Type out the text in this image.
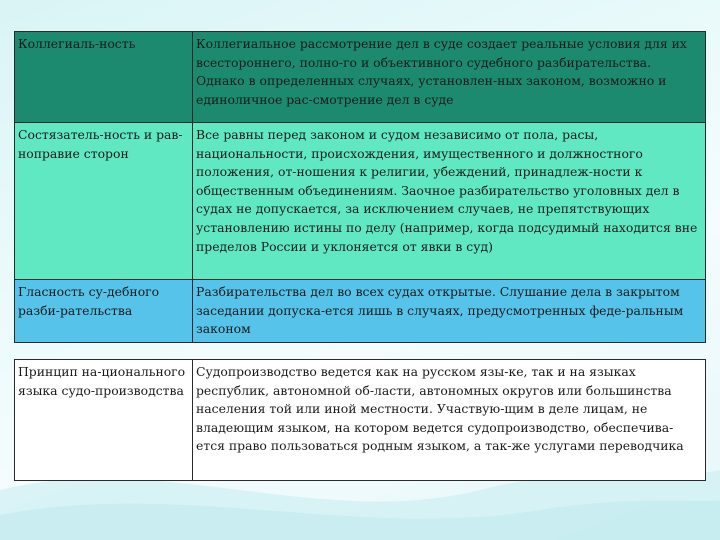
Коллегиаль-ность	Коллегиальное рассмотрение дел в суде создает реальные условия для их всестороннего, полно-го и объективного судебного разбирательства. Однако в определенных случаях, установлен-ных законом, возможно и единоличное рас-смотрение дел в суде
Состязатель-ность и рав-ноправие сторон	Все равны перед законом и судом независимо от пола, расы, национальности, происхождения, имущественного и должностного положения, от-ношения к религии, убеждений, принадлеж-ности к общественным объединениям. Заочное разбирательство уголовных дел в судах не допускается, за исключением случаев, не препятствующих установлению истины по делу (например, когда подсудимый находится вне пределов России и уклоняется от явки в суд)
Гласность су-дебного разби-рательства	Разбирательства дел во всех судах открытые. Слушание дела в закрытом заседании допуска-ется лишь в случаях, предусмотренных феде-ральным законом
Принцип на-ционального языка судо-производства	Судопроизводство ведется как на русском язы-ке, так и на языках республик, автономной об-ласти, автономных округов или большинства населения той или иной местности. Участвую-щим в деле лицам, не владеющим языком, на котором ведется судопроизводство, обеспечива-ется право пользоваться родным языком, а так-же услугами переводчика
